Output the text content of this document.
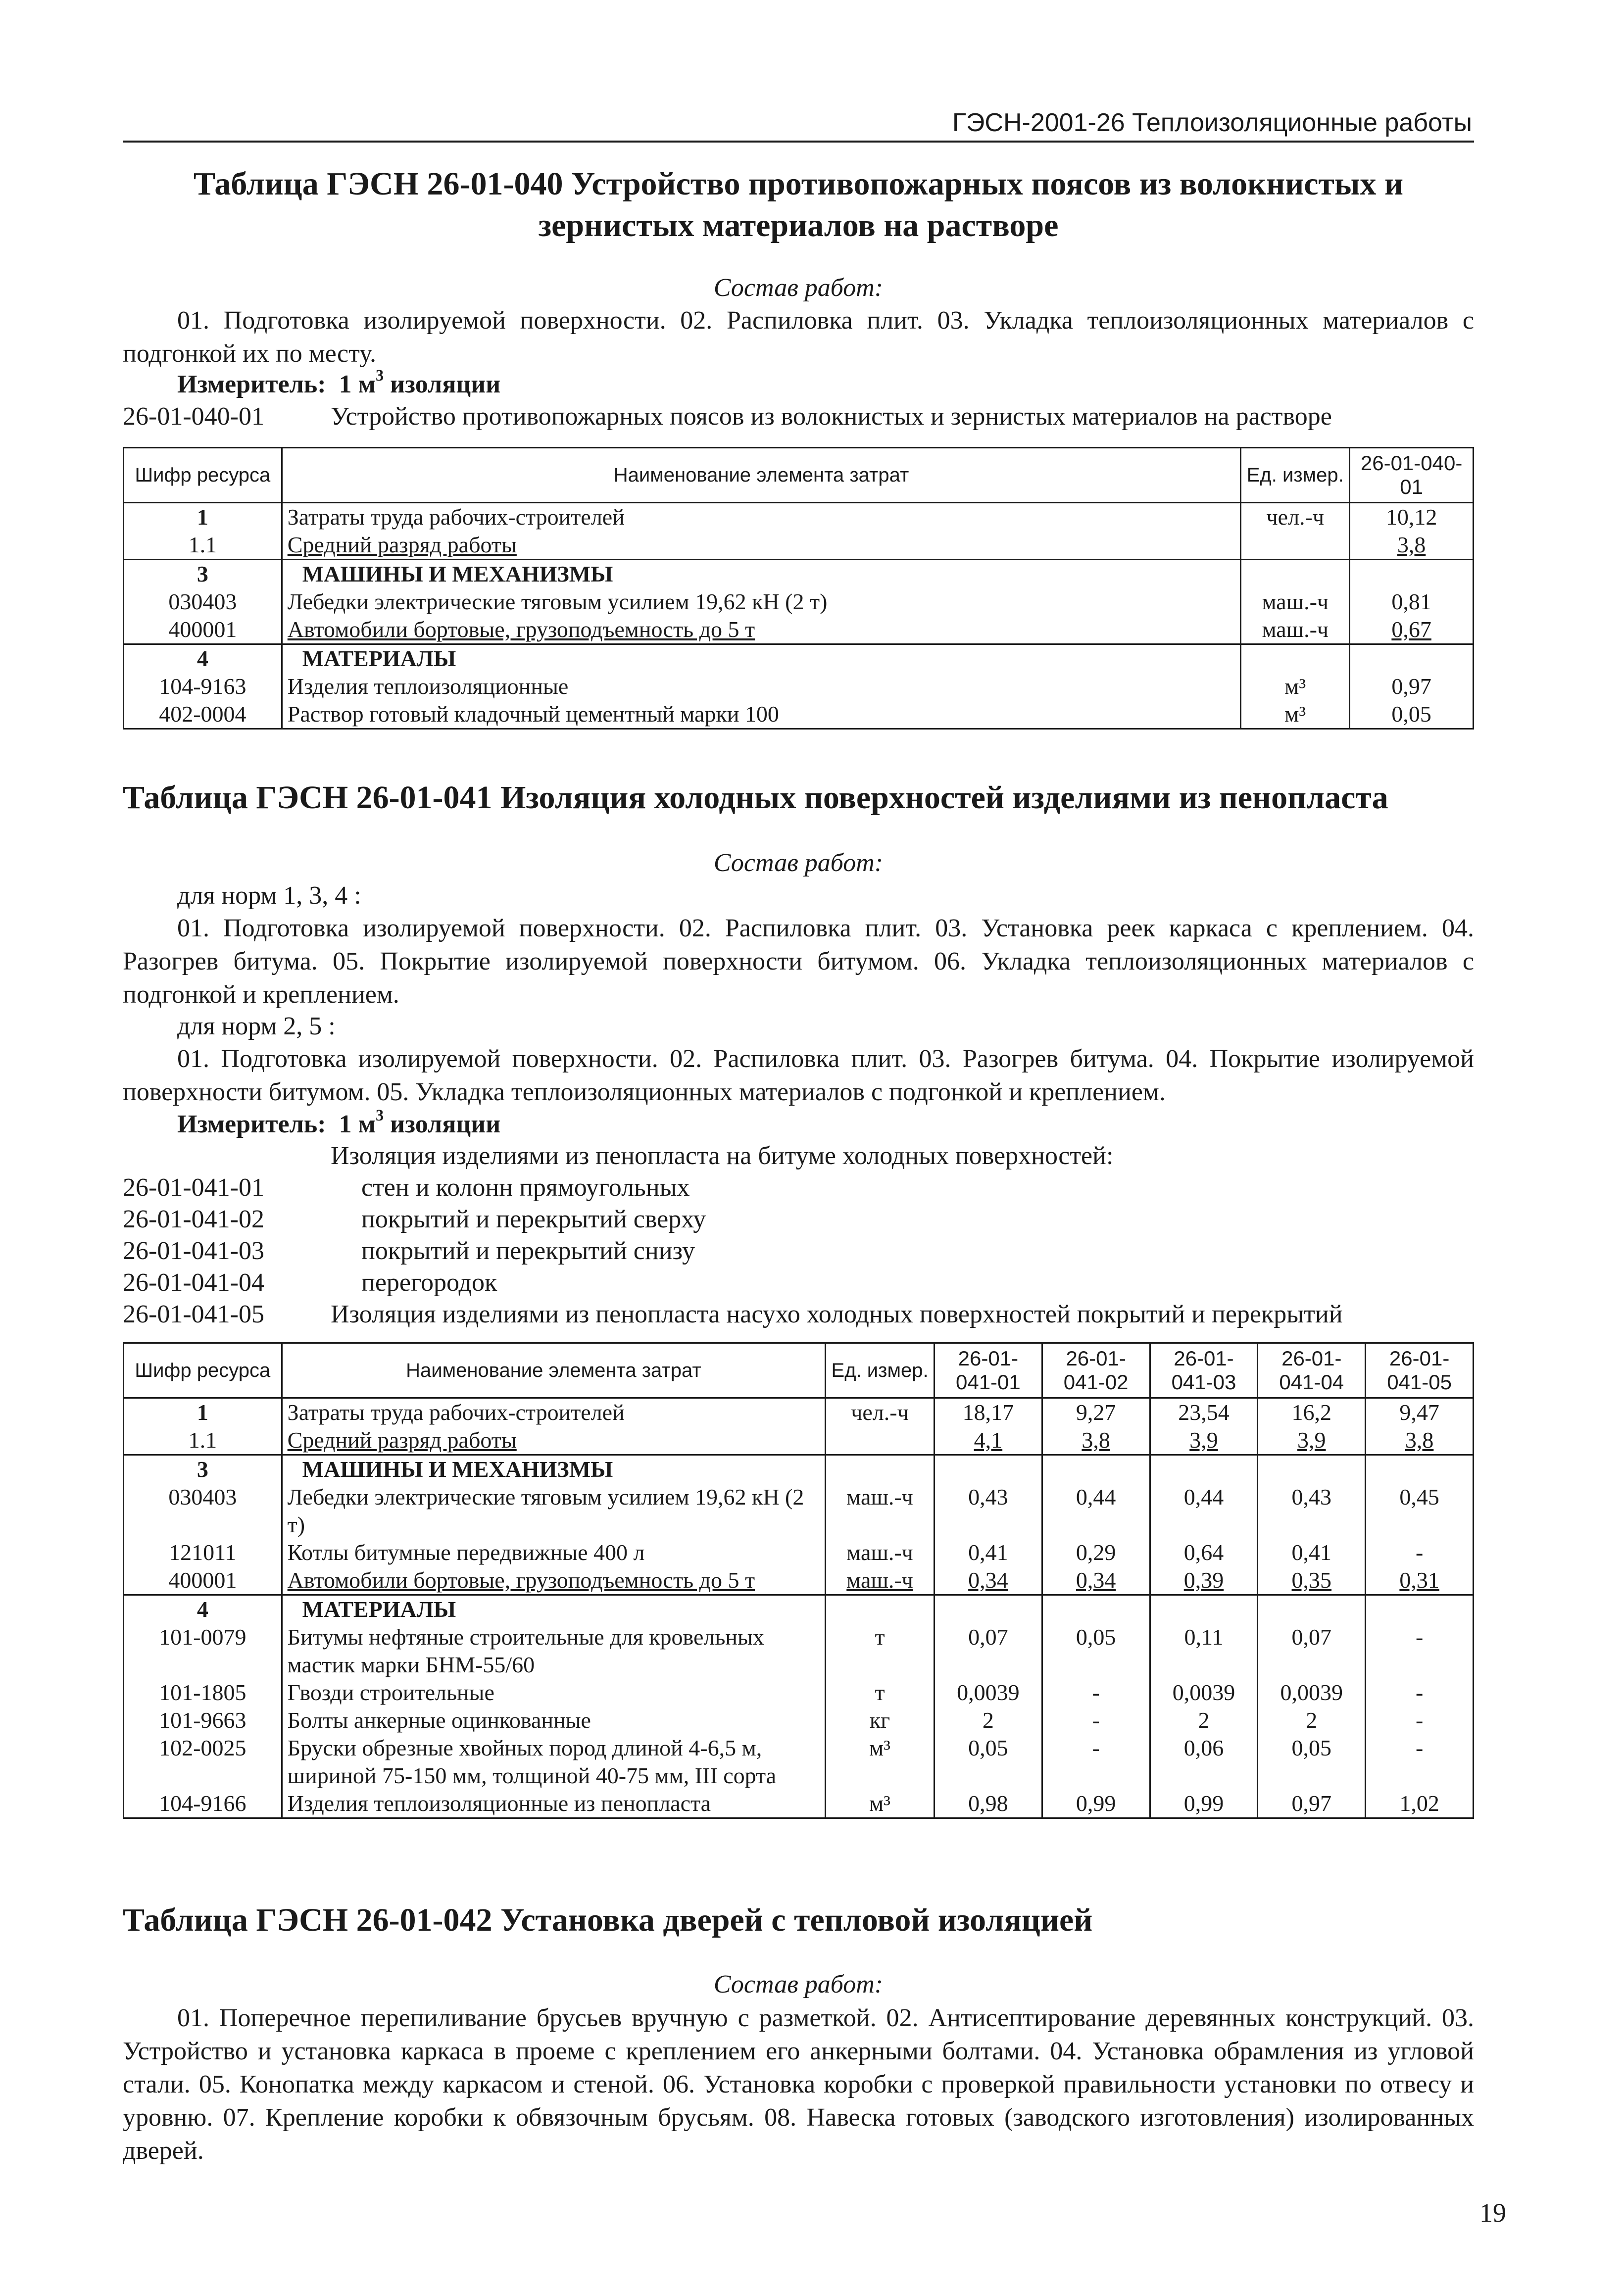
ГЭСН-2001-26 Теплоизоляционные работы
Таблица ГЭСН 26-01-040 Устройство противопожарных поясов из волокнистых и зернистых материалов на растворе
Состав работ:
01. Подготовка изолируемой поверхности. 02. Распиловка плит. 03. Укладка теплоизоляционных материалов с подгонкой их по месту.
Измеритель: 1 $м^3$ изоляции
26-01-040-01	Устройство противопожарных поясов из волокнистых и зернистых материалов на растворе
Шифр ресурса	Наименование элемента затрат	Ед. измер.	26-01-040-01
1	Затраты труда рабочих-строителей	чел.-ч	10,12
1.1	Средний разряд работы		3,8
3	МАШИНЫ И МЕХАНИЗМЫ		
030403	Лебедки электрические тяговым усилием 19,62 кН (2 т)	маш.-ч	0,81
400001	Автомобили бортовые, грузоподъемность до 5 т	маш.-ч	0,67
4	МАТЕРИАЛЫ		
104-9163	Изделия теплоизоляционные	м³	0,97
402-0004	Раствор готовый кладочный цементный марки 100	м³	0,05
Таблица ГЭСН 26-01-041 Изоляция холодных поверхностей изделиями из пенопласта
Состав работ:
для норм 1, 3, 4 :
01. Подготовка изолируемой поверхности. 02. Распиловка плит. 03. Установка реек каркаса с креплением. 04. Разогрев битума. 05. Покрытие изолируемой поверхности битумом. 06. Укладка теплоизоляционных материалов с подгонкой и креплением.
для норм 2, 5 :
01. Подготовка изолируемой поверхности. 02. Распиловка плит. 03. Разогрев битума. 04. Покрытие изолируемой поверхности битумом. 05. Укладка теплоизоляционных материалов с подгонкой и креплением.
Измеритель: 1 $м^3$ изоляции
Изоляция изделиями из пенопласта на битуме холодных поверхностей:
26-01-041-01	стен и колонн прямоугольных
26-01-041-02	покрытий и перекрытий сверху
26-01-041-03	покрытий и перекрытий снизу
26-01-041-04	перегородок
26-01-041-05	Изоляция изделиями из пенопласта насухо холодных поверхностей покрытий и перекрытий
Шифр ресурса	Наименование элемента затрат	Ед. измер.	26-01-041-01	26-01-041-02	26-01-041-03	26-01-041-04	26-01-041-05
1	Затраты труда рабочих-строителей	чел.-ч	18,17	9,27	23,54	16,2	9,47
1.1	Средний разряд работы		4,1	3,8	3,9	3,9	3,8
3	МАШИНЫ И МЕХАНИЗМЫ						
030403	Лебедки электрические тяговым усилием 19,62 кН (2 т)	маш.-ч	0,43	0,44	0,44	0,43	0,45
121011	Котлы битумные передвижные 400 л	маш.-ч	0,41	0,29	0,64	0,41	-
400001	Автомобили бортовые, грузоподъемность до 5 т	маш.-ч	0,34	0,34	0,39	0,35	0,31
4	МАТЕРИАЛЫ						
101-0079	Битумы нефтяные строительные для кровельных мастик марки БНМ-55/60	т	0,07	0,05	0,11	0,07	-
101-1805	Гвозди строительные	т	0,0039	-	0,0039	0,0039	-
101-9663	Болты анкерные оцинкованные	кг	2	-	2	2	-
102-0025	Бруски обрезные хвойных пород длиной 4-6,5 м, шириной 75-150 мм, толщиной 40-75 мм, III сорта	м³	0,05	-	0,06	0,05	-
104-9166	Изделия теплоизоляционные из пенопласта	м³	0,98	0,99	0,99	0,97	1,02
Таблица ГЭСН 26-01-042 Установка дверей с тепловой изоляцией
Состав работ:
01. Поперечное перепиливание брусьев вручную с разметкой. 02. Антисептирование деревянных конструкций. 03. Устройство и установка каркаса в проеме с креплением его анкерными болтами. 04. Установка обрамления из угловой стали. 05. Конопатка между каркасом и стеной. 06. Установка коробки с проверкой правильности установки по отвесу и уровню. 07. Крепление коробки к обвязочным брусьям. 08. Навеска готовых (заводского изготовления) изолированных дверей.
19
